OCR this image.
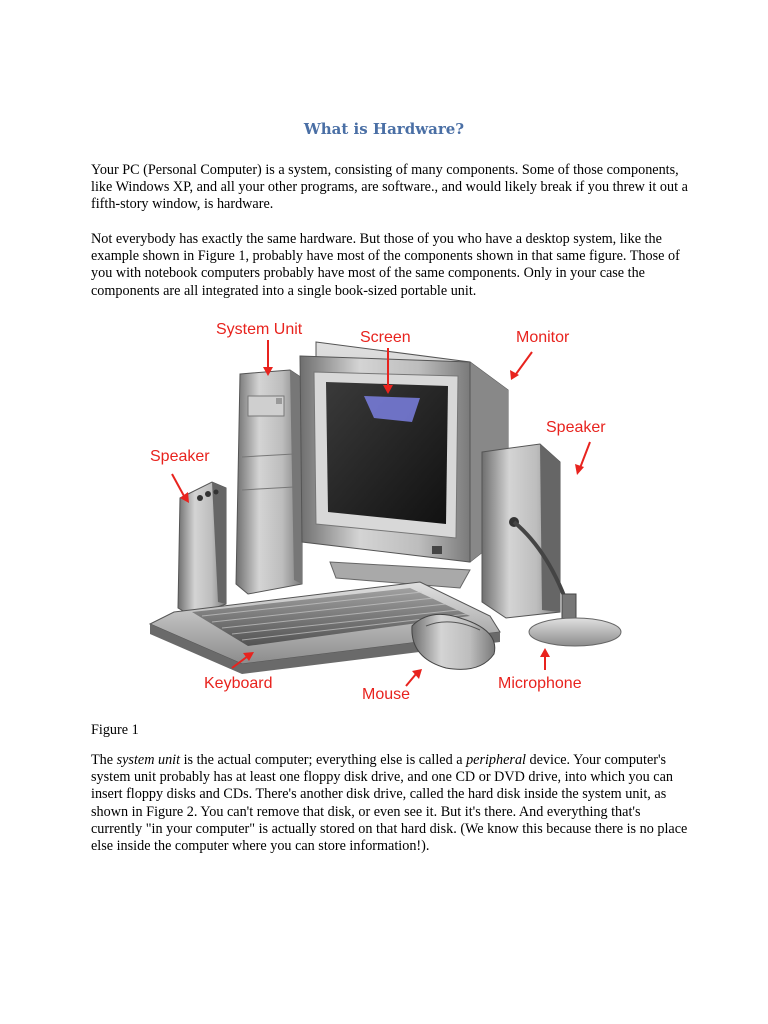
What is Hardware?

Your PC (Personal Computer) is a system, consisting of many components. Some of those components, like Windows XP, and all your other programs, are software., and would likely break if you threw it out a fifth-story window, is hardware.

Not everybody has exactly the same hardware. But those of you who have a desktop system, like the example shown in Figure 1, probably have most of the components shown in that same figure. Those of you with notebook computers probably have most of the same components. Only in your case the components are all integrated into a single book-sized portable unit.

System Unit	Screen	Monitor
Speaker
Speaker
Keyboard
Mouse
Microphone

Figure 1

The system unit is the actual computer; everything else is called a peripheral device. Your computer's system unit probably has at least one floppy disk drive, and one CD or DVD drive, into which you can insert floppy disks and CDs. There's another disk drive, called the hard disk inside the system unit, as shown in Figure 2. You can't remove that disk, or even see it. But it's there. And everything that's currently "in your computer" is actually stored on that hard disk. (We know this because there is no place else inside the computer where you can store information!).
